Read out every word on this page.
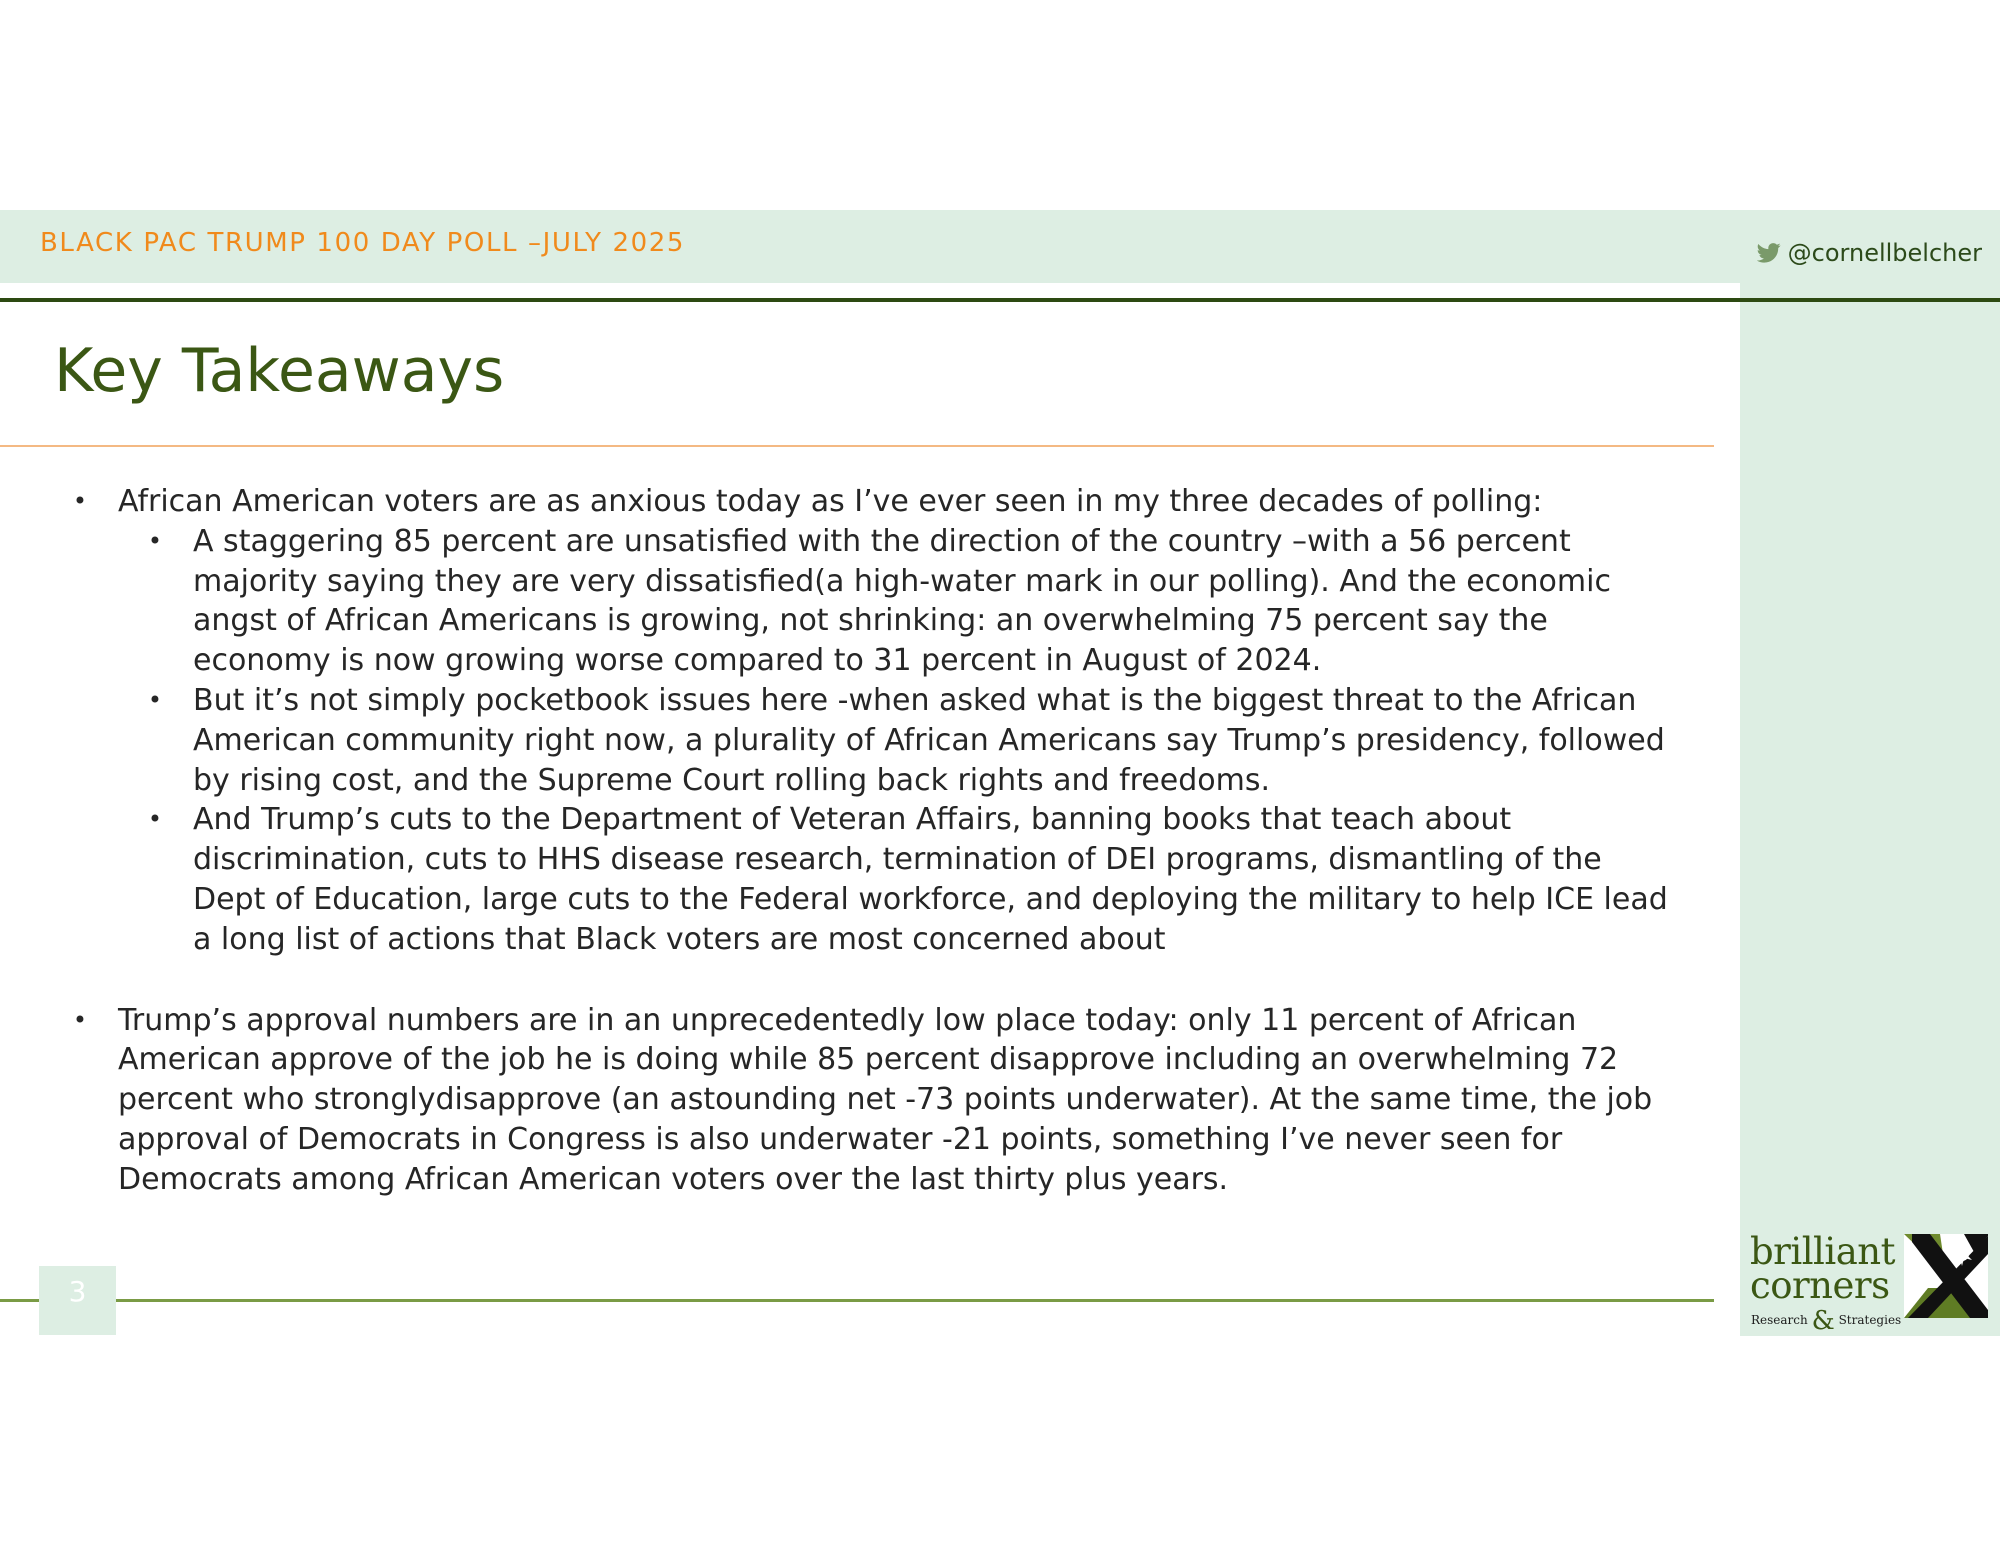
BLACK PAC TRUMP 100 DAY POLL –JULY 2025	@cornellbelcher
Key Takeaways
• African American voters are as anxious today as I’ve ever seen in my three decades of polling:
• A staggering 85 percent are unsatisfied with the direction of the country –with a 56 percent majority saying they are very dissatisfied(a high-water mark in our polling). And the economic angst of African Americans is growing, not shrinking: an overwhelming 75 percent say the economy is now growing worse compared to 31 percent in August of 2024.
• But it’s not simply pocketbook issues here -when asked what is the biggest threat to the African American community right now, a plurality of African Americans say Trump’s presidency, followed by rising cost, and the Supreme Court rolling back rights and freedoms.
• And Trump’s cuts to the Department of Veteran Affairs, banning books that teach about discrimination, cuts to HHS disease research, termination of DEI programs, dismantling of the Dept of Education, large cuts to the Federal workforce, and deploying the military to help ICE lead a long list of actions that Black voters are most concerned about
• Trump’s approval numbers are in an unprecedentedly low place today: only 11 percent of African American approve of the job he is doing while 85 percent disapprove including an overwhelming 72 percent who stronglydisapprove (an astounding net -73 points underwater). At the same time, the job approval of Democrats in Congress is also underwater -21 points, something I’ve never seen for Democrats among African American voters over the last thirty plus years.
3
brilliant
corners
Research & Strategies
